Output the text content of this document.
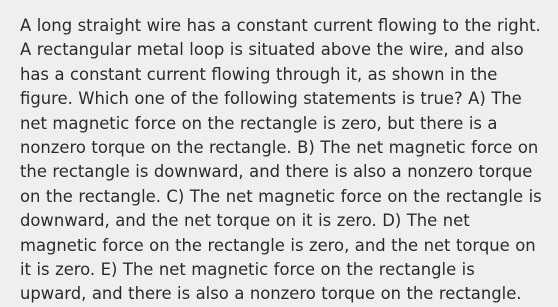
A long straight wire has a constant current flowing to the right. A rectangular metal loop is situated above the wire, and also has a constant current flowing through it, as shown in the figure. Which one of the following statements is true? A) The net magnetic force on the rectangle is zero, but there is a nonzero torque on the rectangle. B) The net magnetic force on the rectangle is downward, and there is also a nonzero torque on the rectangle. C) The net magnetic force on the rectangle is downward, and the net torque on it is zero. D) The net magnetic force on the rectangle is zero, and the net torque on it is zero. E) The net magnetic force on the rectangle is upward, and there is also a nonzero torque on the rectangle.
